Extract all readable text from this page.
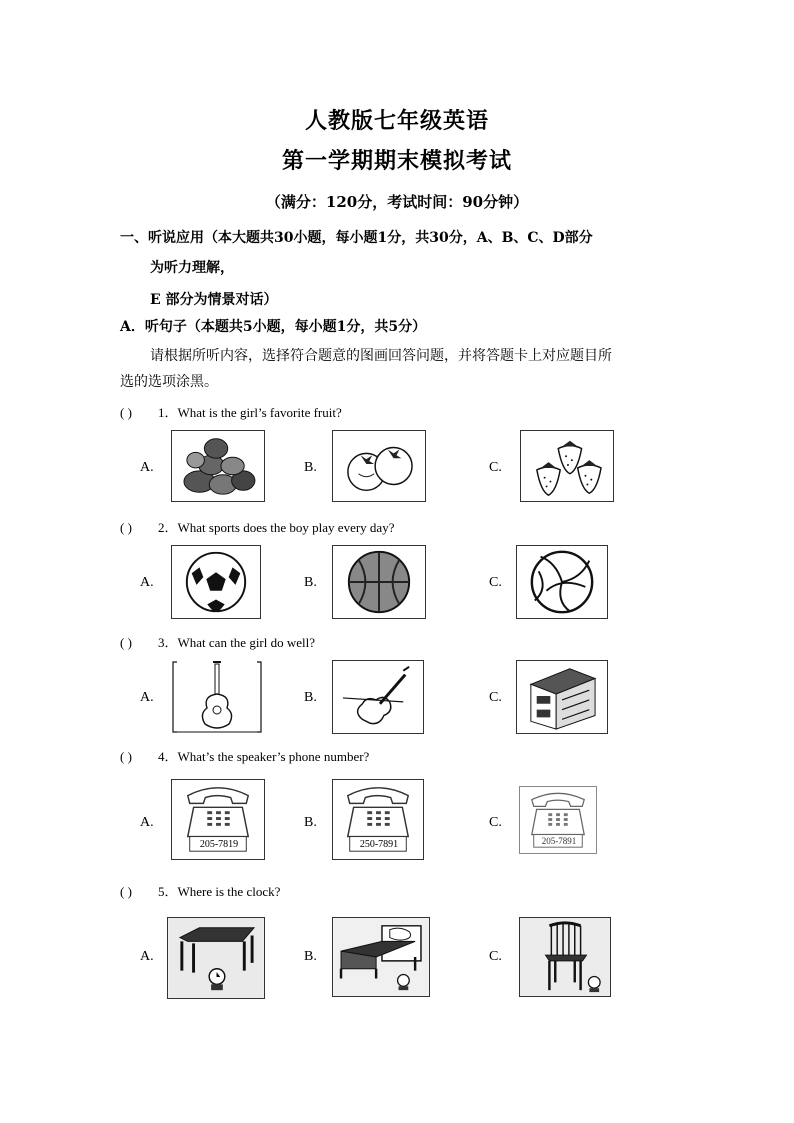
人教版七年级英语
第一学期期末模拟考试
（满分：120分，考试时间：90分钟）
一、听说应用（本大题共30小题，每小题1分，共30分，A、B、C、D部分
为听力理解，
E 部分为情景对话）
A．听句子（本题共5小题，每小题1分，共5分）
请根据所听内容，选择符合题意的图画回答问题，并将答题卡上对应题目所
选的选项涂黑。
( ) 1．What is the girl’s favorite fruit?
A.	B.	C.
( ) 2．What sports does the boy play every day?
A.	B.	C.
( ) 3．What can the girl do well?
A.	B.	C.
( ) 4．What’s the speaker’s phone number?
A.	B.	C.
205-7819	250-7891	205-7891
( ) 5．Where is the clock?
A.	B.	C.
